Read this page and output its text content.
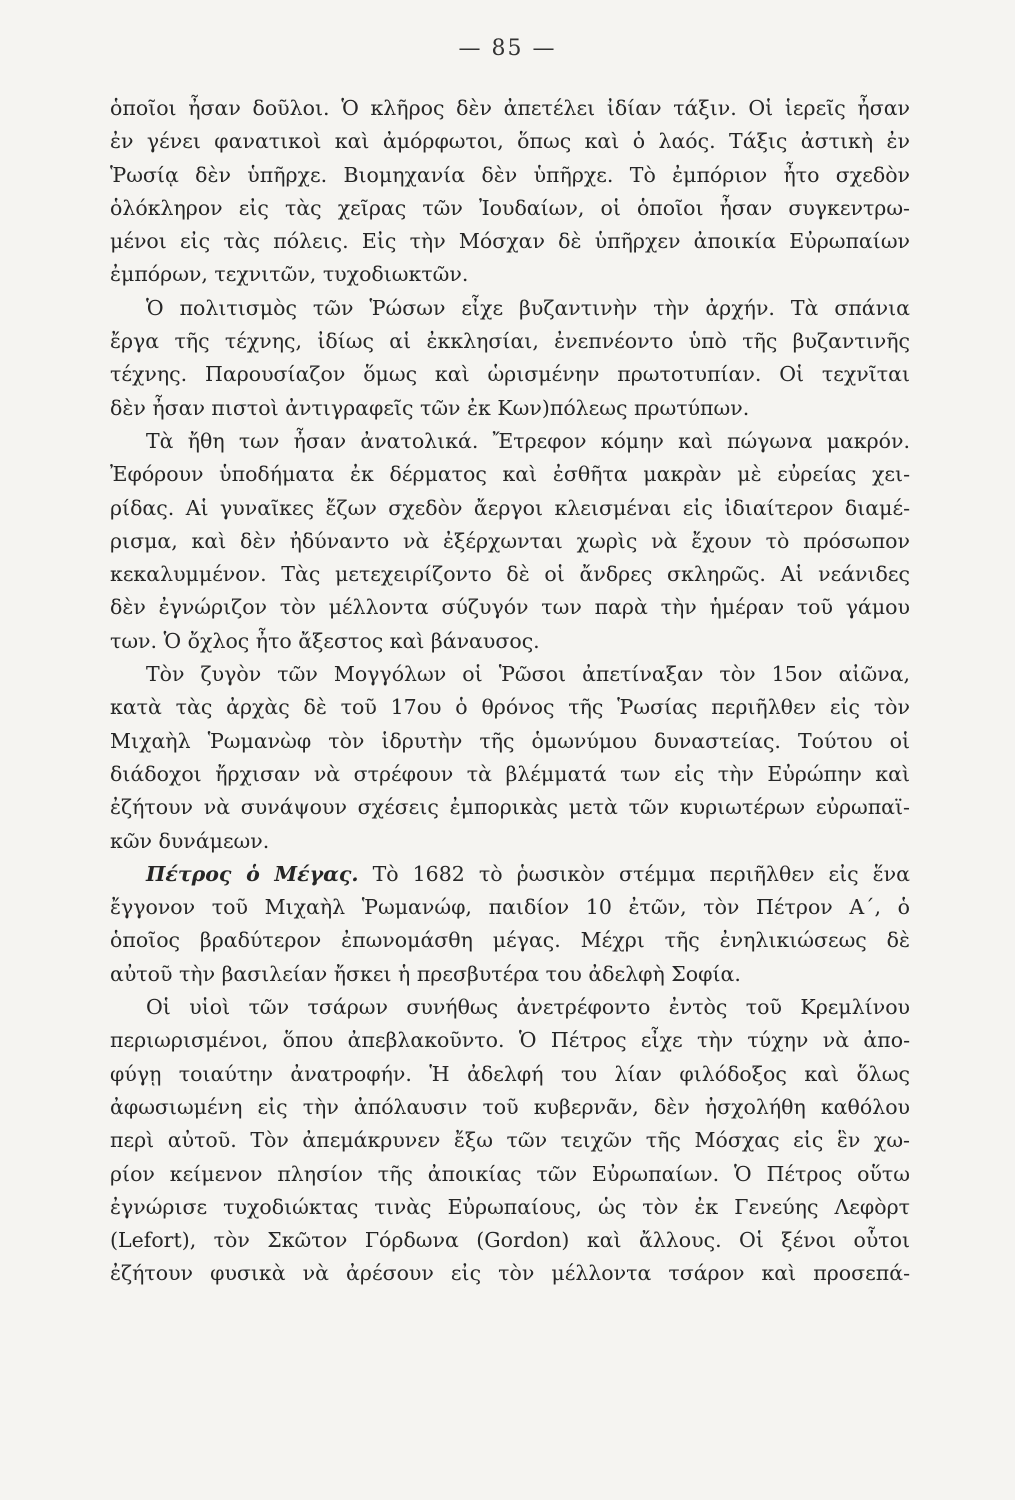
— 85 —
ὁποῖοι ἦσαν δοῦλοι. Ὁ κλῆρος δὲν ἀπετέλει ἰδίαν τάξιν. Οἱ ἱερεῖς ἦσαν
ἐν γένει φανατικοὶ καὶ ἀμόρφωτοι, ὅπως καὶ ὁ λαός. Τάξις ἀστικὴ ἐν
Ῥωσίᾳ δὲν ὑπῆρχε. Βιομηχανία δὲν ὑπῆρχε. Τὸ ἐμπόριον ἦτο σχεδὸν
ὁλόκληρον εἰς τὰς χεῖρας τῶν Ἰουδαίων, οἱ ὁποῖοι ἦσαν συγκεντρω-
μένοι εἰς τὰς πόλεις. Εἰς τὴν Μόσχαν δὲ ὑπῆρχεν ἀποικία Εὐρωπαίων
ἐμπόρων, τεχνιτῶν, τυχοδιωκτῶν.
Ὁ πολιτισμὸς τῶν Ῥώσων εἶχε βυζαντινὴν τὴν ἀρχήν. Τὰ σπάνια
ἔργα τῆς τέχνης, ἰδίως αἱ ἐκκλησίαι, ἐνεπνέοντο ὑπὸ τῆς βυζαντινῆς
τέχνης. Παρουσίαζον ὅμως καὶ ὡρισμένην πρωτοτυπίαν. Οἱ τεχνῖται
δὲν ἦσαν πιστοὶ ἀντιγραφεῖς τῶν ἐκ Κων)πόλεως πρωτύπων.
Τὰ ἤθη των ἦσαν ἀνατολικά. Ἔτρεφον κόμην καὶ πώγωνα μακρόν.
Ἐφόρουν ὑποδήματα ἐκ δέρματος καὶ ἐσθῆτα μακρὰν μὲ εὐρείας χει-
ρίδας. Αἱ γυναῖκες ἔζων σχεδὸν ἄεργοι κλεισμέναι εἰς ἰδιαίτερον διαμέ-
ρισμα, καὶ δὲν ἠδύναντο νὰ ἐξέρχωνται χωρὶς νὰ ἔχουν τὸ πρόσωπον
κεκαλυμμένον. Τὰς μετεχειρίζοντο δὲ οἱ ἄνδρες σκληρῶς. Αἱ νεάνιδες
δὲν ἐγνώριζον τὸν μέλλοντα σύζυγόν των παρὰ τὴν ἡμέραν τοῦ γάμου
των. Ὁ ὄχλος ἦτο ἄξεστος καὶ βάναυσος.
Τὸν ζυγὸν τῶν Μογγόλων οἱ Ῥῶσοι ἀπετίναξαν τὸν 15ον αἰῶνα,
κατὰ τὰς ἀρχὰς δὲ τοῦ 17ου ὁ θρόνος τῆς Ῥωσίας περιῆλθεν εἰς τὸν
Μιχαὴλ Ῥωμανὼφ τὸν ἱδρυτὴν τῆς ὁμωνύμου δυναστείας. Τούτου οἱ
διάδοχοι ἤρχισαν νὰ στρέφουν τὰ βλέμματά των εἰς τὴν Εὐρώπην καὶ
ἐζήτουν νὰ συνάψουν σχέσεις ἐμπορικὰς μετὰ τῶν κυριωτέρων εὐρωπαϊ-
κῶν δυνάμεων.
Πέτρος ὁ Μέγας. Τὸ 1682 τὸ ῥωσικὸν στέμμα περιῆλθεν εἰς ἕνα
ἔγγονον τοῦ Μιχαὴλ Ῥωμανώφ, παιδίον 10 ἐτῶν, τὸν Πέτρον Α΄, ὁ
ὁποῖος βραδύτερον ἐπωνομάσθη μέγας. Μέχρι τῆς ἐνηλικιώσεως δὲ
αὐτοῦ τὴν βασιλείαν ἤσκει ἡ πρεσβυτέρα του ἀδελφὴ Σοφία.
Οἱ υἱοὶ τῶν τσάρων συνήθως ἀνετρέφοντο ἐντὸς τοῦ Κρεμλίνου
περιωρισμένοι, ὅπου ἀπεβλακοῦντο. Ὁ Πέτρος εἶχε τὴν τύχην νὰ ἀπο-
φύγῃ τοιαύτην ἀνατροφήν. Ἡ ἀδελφή του λίαν φιλόδοξος καὶ ὅλως
ἀφωσιωμένη εἰς τὴν ἀπόλαυσιν τοῦ κυβερνᾶν, δὲν ἠσχολήθη καθόλου
περὶ αὐτοῦ. Τὸν ἀπεμάκρυνεν ἔξω τῶν τειχῶν τῆς Μόσχας εἰς ἓν χω-
ρίον κείμενον πλησίον τῆς ἀποικίας τῶν Εὐρωπαίων. Ὁ Πέτρος οὕτω
ἐγνώρισε τυχοδιώκτας τινὰς Εὐρωπαίους, ὡς τὸν ἐκ Γενεύης Λεφὸρτ
(Lefort), τὸν Σκῶτον Γόρδωνα (Gordon) καὶ ἄλλους. Οἱ ξένοι οὗτοι
ἐζήτουν φυσικὰ νὰ ἀρέσουν εἰς τὸν μέλλοντα τσάρον καὶ προσεπά-
